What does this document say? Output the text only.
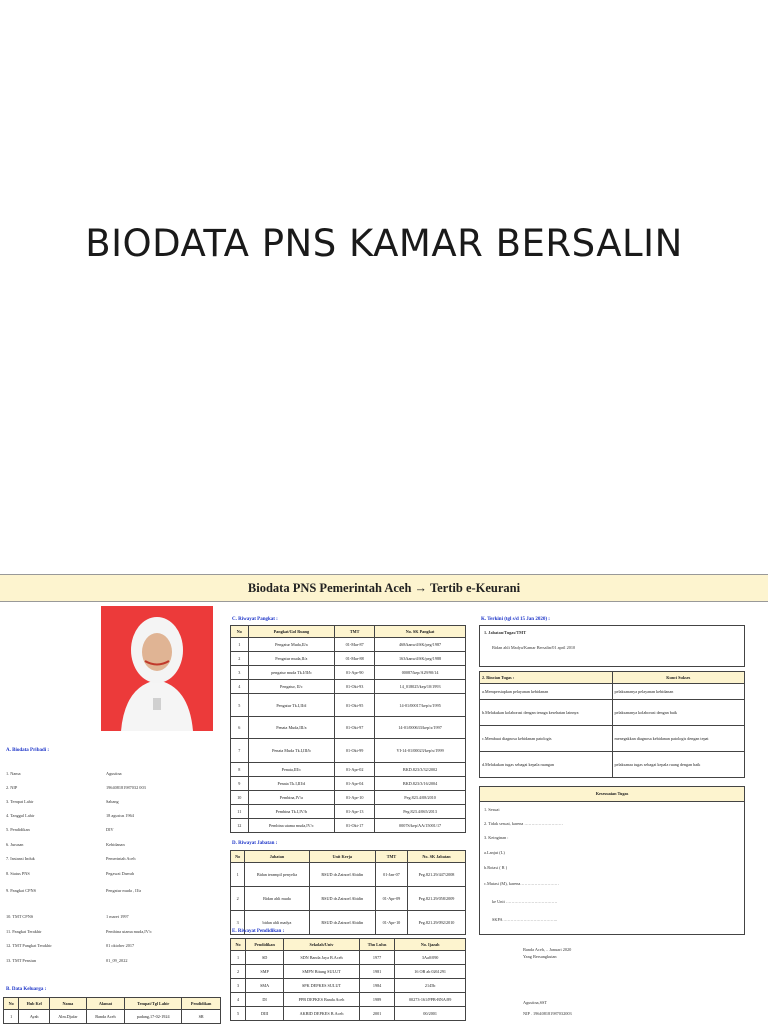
BIODATA PNS KAMAR BERSALIN
Biodata PNS Pemerintah Aceh → Tertib e-Keurani
A. Biodata Pribadi :
1. Nama	Agustina
2. NIP	196408181987032 003
3. Tempat Lahir	Sabang
4. Tanggal Lahir	18 agustus 1964
5. Pendidikan	DIV
6. Jurusan	Kebidanan
7. Instansi Induk	Pemerintah Aceh
8. Status PNS	Pegawai Daerah
9. Pangkat CPNS	Pengatur muda , II/a
10. TMT CPNS	1 maret 1997
11. Pangkat Terakhir	Pembina utama muda,IV/c
12. TMT Pangkat Terakhir	01 oktober 2017
13. TMT Pensiun	01_09_2022
B. Data Keluarga :
No	Hub Kel	Nama	Alamat	Tempat/Tgl Lahir	Pendidikan
1	Ayah	Alm.Djafar	Banda Aceh	padang,17-02-1924	SR
C. Riwayat Pangkat :
No	Pangkat/Gol Ruang	TMT	No. SK Pangkat
1	Pengatur Muda,II/a	01-Mar-87	468/kanwil/SK/peg/1987
2	Pengatur muda,II/a	01-Mar-88	163/kanwil/SK/peg/1988
3	pengatur muda Tk.I/II/b	01-Apr-90	00087/kep/A29/90/14
4	Pengatur, II/c	01-Okt-93	14_018025/kep/10/1993
5	Pengatur Tk.I,II/d	01-Okt-95	14-01/00017/kep/x/1995
6	Penata Muda,III/a	01-Okt-97	14-01/000633/kep/x/1997
7	Penata Muda Tk.I,III/b	01-Okt-99	VI-14-01/00023/kep/x/1999
8	Penata,III/c	01-Apr-02	BKD.823/3/32/2002
9	Penata Tk.I,III/d	01-Apr-04	BKD.823/3/16/2004
10	Pembina,IV/a	01-Apr-10	Peg.823.4/08/2010
11	Pembina Tk.I,IV/b	01-Apr-13	Peg.823.4/065/2013
12	Pembina utama muda,IV/c	01-Okt-17	0007S/kep/AA/15001/17
D. Riwayat Jabatan :
No	Jabatan	Unit Kerja	TMT	No. SK Jabatan
1	Bidan terampil penyelia	RSUD dr.Zainoel Abidin	01-Jan-07	Peg.821.29/447/2008
2	Bidan ahli muda	RSUD dr.Zainoel Abidin	01-Apr-09	Peg.821.29/058/2009
3	bidan ahli madya	RSUD dr.Zainoel Abidin	01-Apr-10	Peg.821.29/092/2010
E. Riwayat Pendidikan :
No	Pendidikan	Sekolah/Univ	Thn Lulus	No. Ijazah
1	SD	SDN Banda Jaya B.Aceh	1977	3Aa0/090
2	SMP	SMPN Bitung SULUT	1981	16 OB ab 0261291
3	SMA	SPK DEPKES SULUT	1984	2145b
4	DI	PPB DEPKES Banda Aceh	1989	00273-161/PPB-BNA/89
5	DIII	AKBID DEPKES B.Aceh	2001	00/2001
K. Terkini (tgl s/d 15 Jan 2020) :
1. Jabatan/Tugas/TMT
Bidan ahli Madya/Kamar Bersalin/01 april 2010
2. Rincian Tugas :	Kunci Sukses
a.Mempersiapkan pelayanan kebidanan	pelaksananya pelayanan kebidanan
b.Melakukan kolaborasi dengan tenaga kesehatan lainnya	pelaksananya kolaborasi dengan baik
c.Membuat diagnosa kebidanan patologis	menegakkan diagnosa kebidanan patologis dengan tepat
d.Melakukan tugas sebagai kepala ruangan	pelaksanaa tugas sebagai kepala ruang dengan baik
Kesesuaian Tugas
1. Sesuai
2. Tidak sesuai, karena ………………………
3. Keinginan :
a.Lanjut (L)
b.Rotasi ( R )
c.Mutasi (M), karena………………………
ke Unit ………………………………
SKPA ………………………………..
Banda Aceh, .. Januari 2020
Yang Bersangkutan
Agustina,SST
NIP . 196408181987032003
